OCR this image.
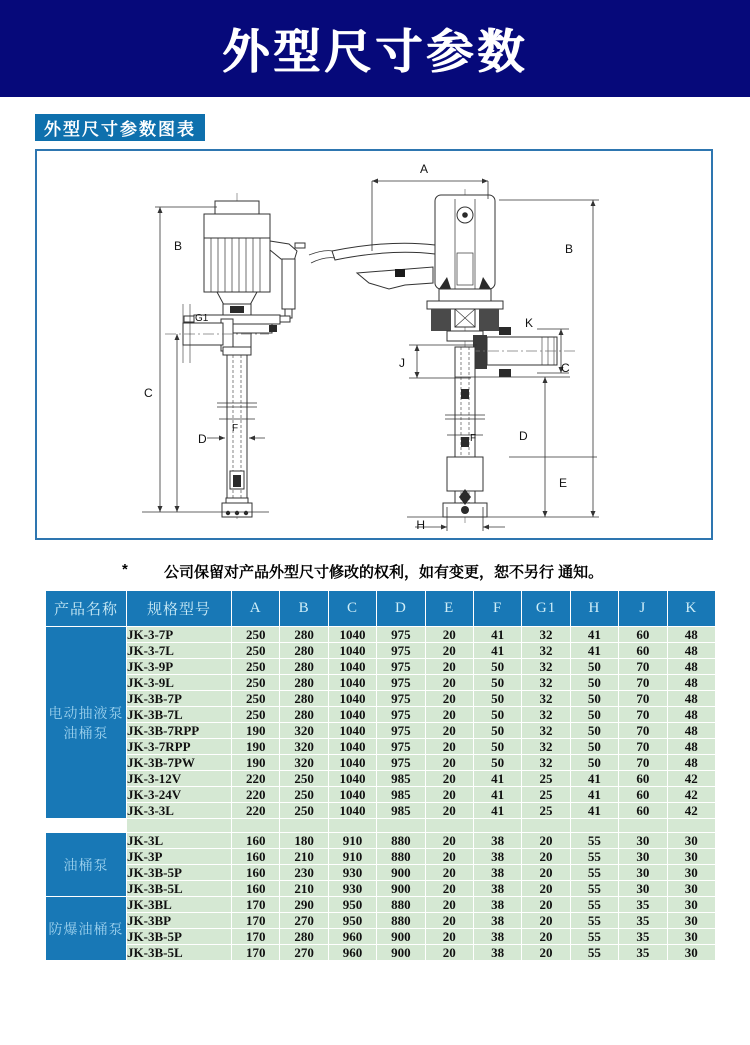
外型尺寸参数
外型尺寸参数图表
A
B	B
C
C
D	D
E
F
F
G1
H
J
K
*	公司保留对产品外型尺寸修改的权利，如有变更，恕不另行 通知。
产品名称	规格型号	A	B	C	D	E	F	G1	H	J	K

电动抽液泵
油桶泵	JK-3-7P	250	280	1040	975	20	41	32	41	60	48
	JK-3-7L	250	280	1040	975	20	41	32	41	60	48
	JK-3-9P	250	280	1040	975	20	50	32	50	70	48
	JK-3-9L	250	280	1040	975	20	50	32	50	70	48
	JK-3B-7P	250	280	1040	975	20	50	32	50	70	48
	JK-3B-7L	250	280	1040	975	20	50	32	50	70	48
	JK-3B-7RPP	190	320	1040	975	20	50	32	50	70	48
	JK-3-7RPP	190	320	1040	975	20	50	32	50	70	48
	JK-3B-7PW	190	320	1040	975	20	50	32	50	70	48
	JK-3-12V	220	250	1040	985	20	41	25	41	60	42
	JK-3-24V	220	250	1040	985	20	41	25	41	60	42
	JK-3-3L	220	250	1040	985	20	41	25	41	60	42

油桶泵	JK-3L	160	180	910	880	20	38	20	55	30	30
	JK-3P	160	210	910	880	20	38	20	55	30	30
	JK-3B-5P	160	230	930	900	20	38	20	55	30	30
	JK-3B-5L	160	210	930	900	20	38	20	55	30	30

防爆油桶泵	JK-3BL	170	290	950	880	20	38	20	55	35	30
	JK-3BP	170	270	950	880	20	38	20	55	35	30
	JK-3B-5P	170	280	960	900	20	38	20	55	35	30
	JK-3B-5L	170	270	960	900	20	38	20	55	35	30
